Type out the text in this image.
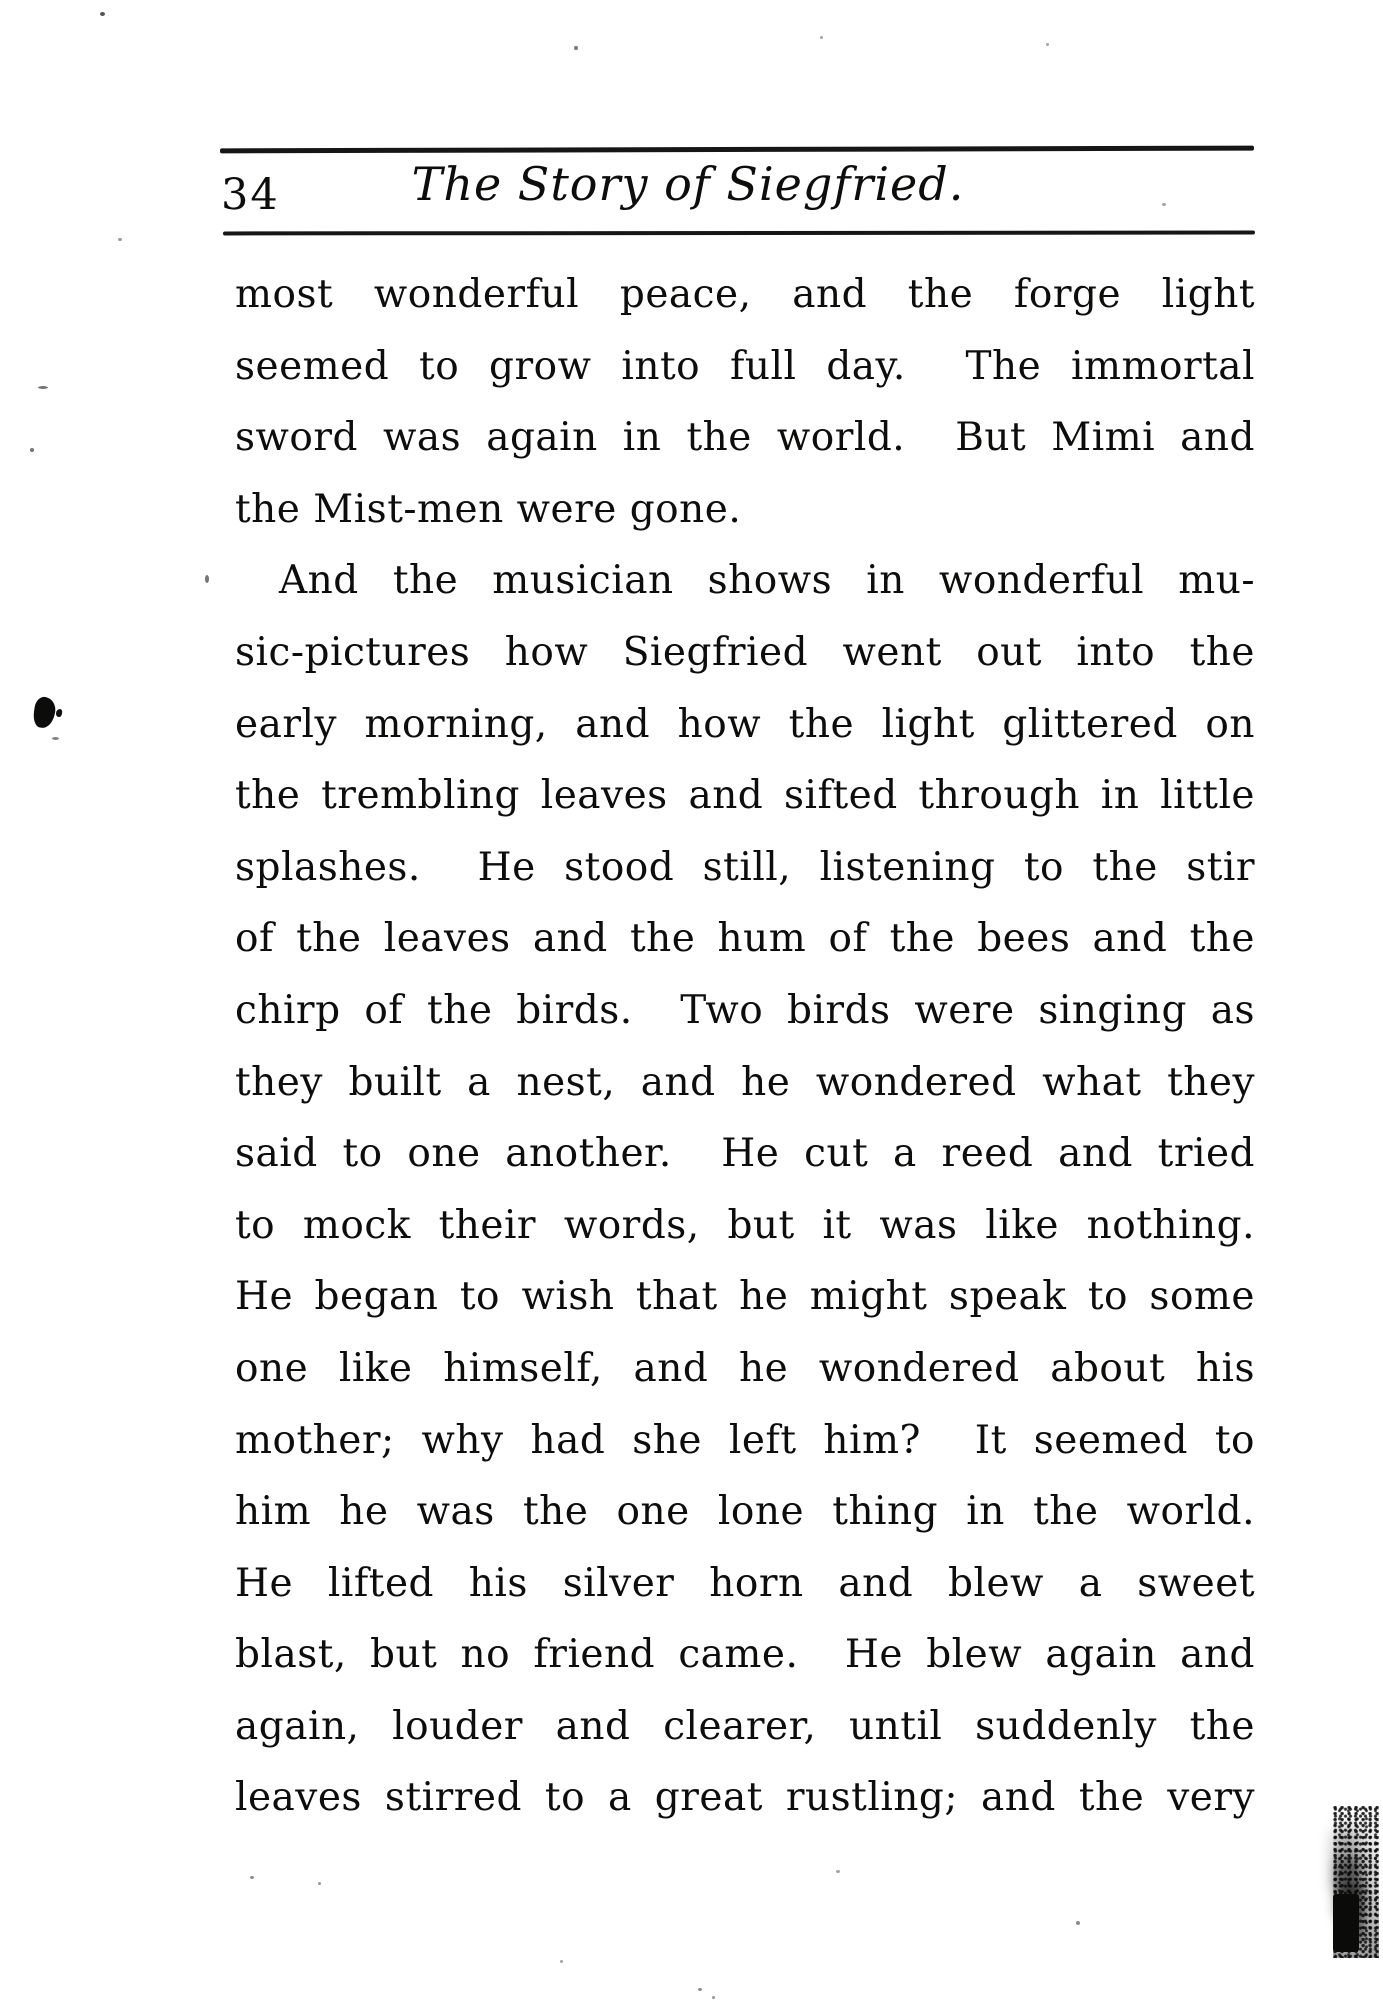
34	The Story of Siegfried.
most wonderful peace, and the forge light
seemed to grow into full day.  The immortal
sword was again in the world.  But Mimi and
the Mist-men were gone.
And the musician shows in wonderful mu-
sic-pictures how Siegfried went out into the
early morning, and how the light glittered on
the trembling leaves and sifted through in little
splashes.  He stood still, listening to the stir
of the leaves and the hum of the bees and the
chirp of the birds.  Two birds were singing as
they built a nest, and he wondered what they
said to one another.  He cut a reed and tried
to mock their words, but it was like nothing.
He began to wish that he might speak to some
one like himself, and he wondered about his
mother; why had she left him?  It seemed to
him he was the one lone thing in the world.
He lifted his silver horn and blew a sweet
blast, but no friend came.  He blew again and
again, louder and clearer, until suddenly the
leaves stirred to a great rustling; and the very
